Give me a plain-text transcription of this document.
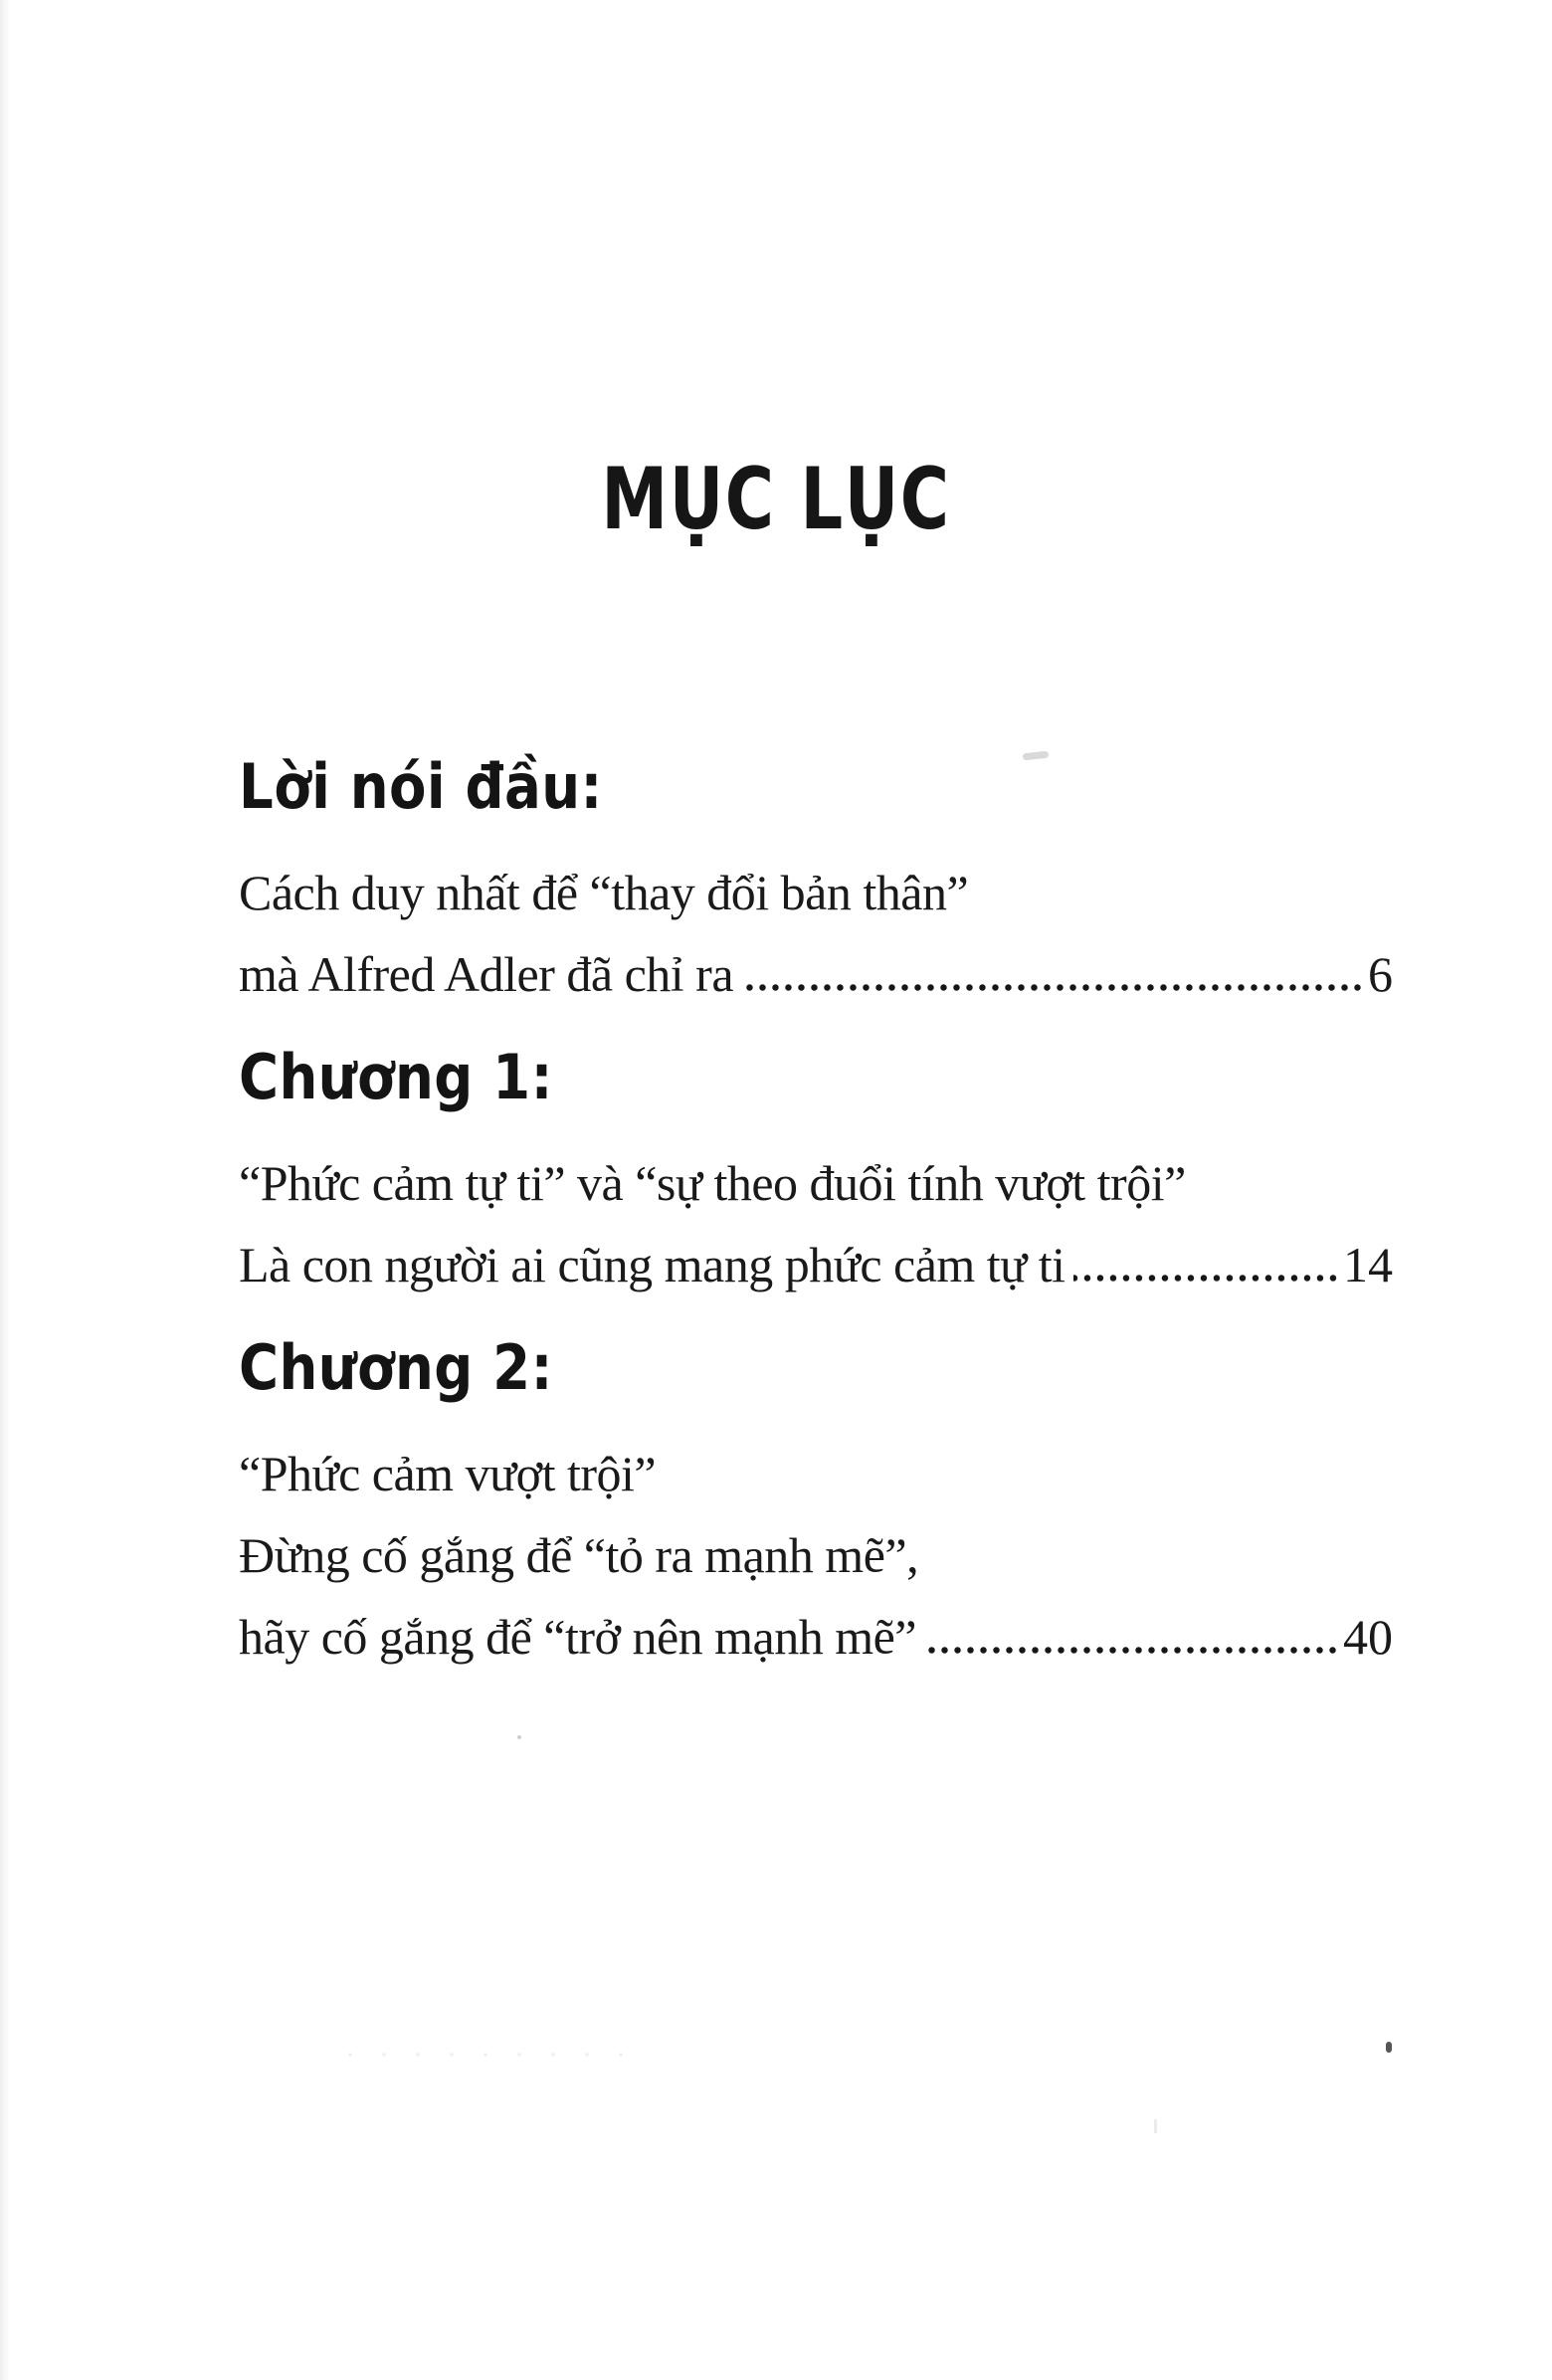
MỤC LỤC
Lời nói đầu:
Cách duy nhất để “thay đổi bản thân”
mà Alfred Adler đã chỉ ra	6
Chương 1:
“Phức cảm tự ti” và “sự theo đuổi tính vượt trội”
Là con người ai cũng mang phức cảm tự ti	14
Chương 2:
“Phức cảm vượt trội”
Đừng cố gắng để “tỏ ra mạnh mẽ”,
hãy cố gắng để “trở nên mạnh mẽ”	40
